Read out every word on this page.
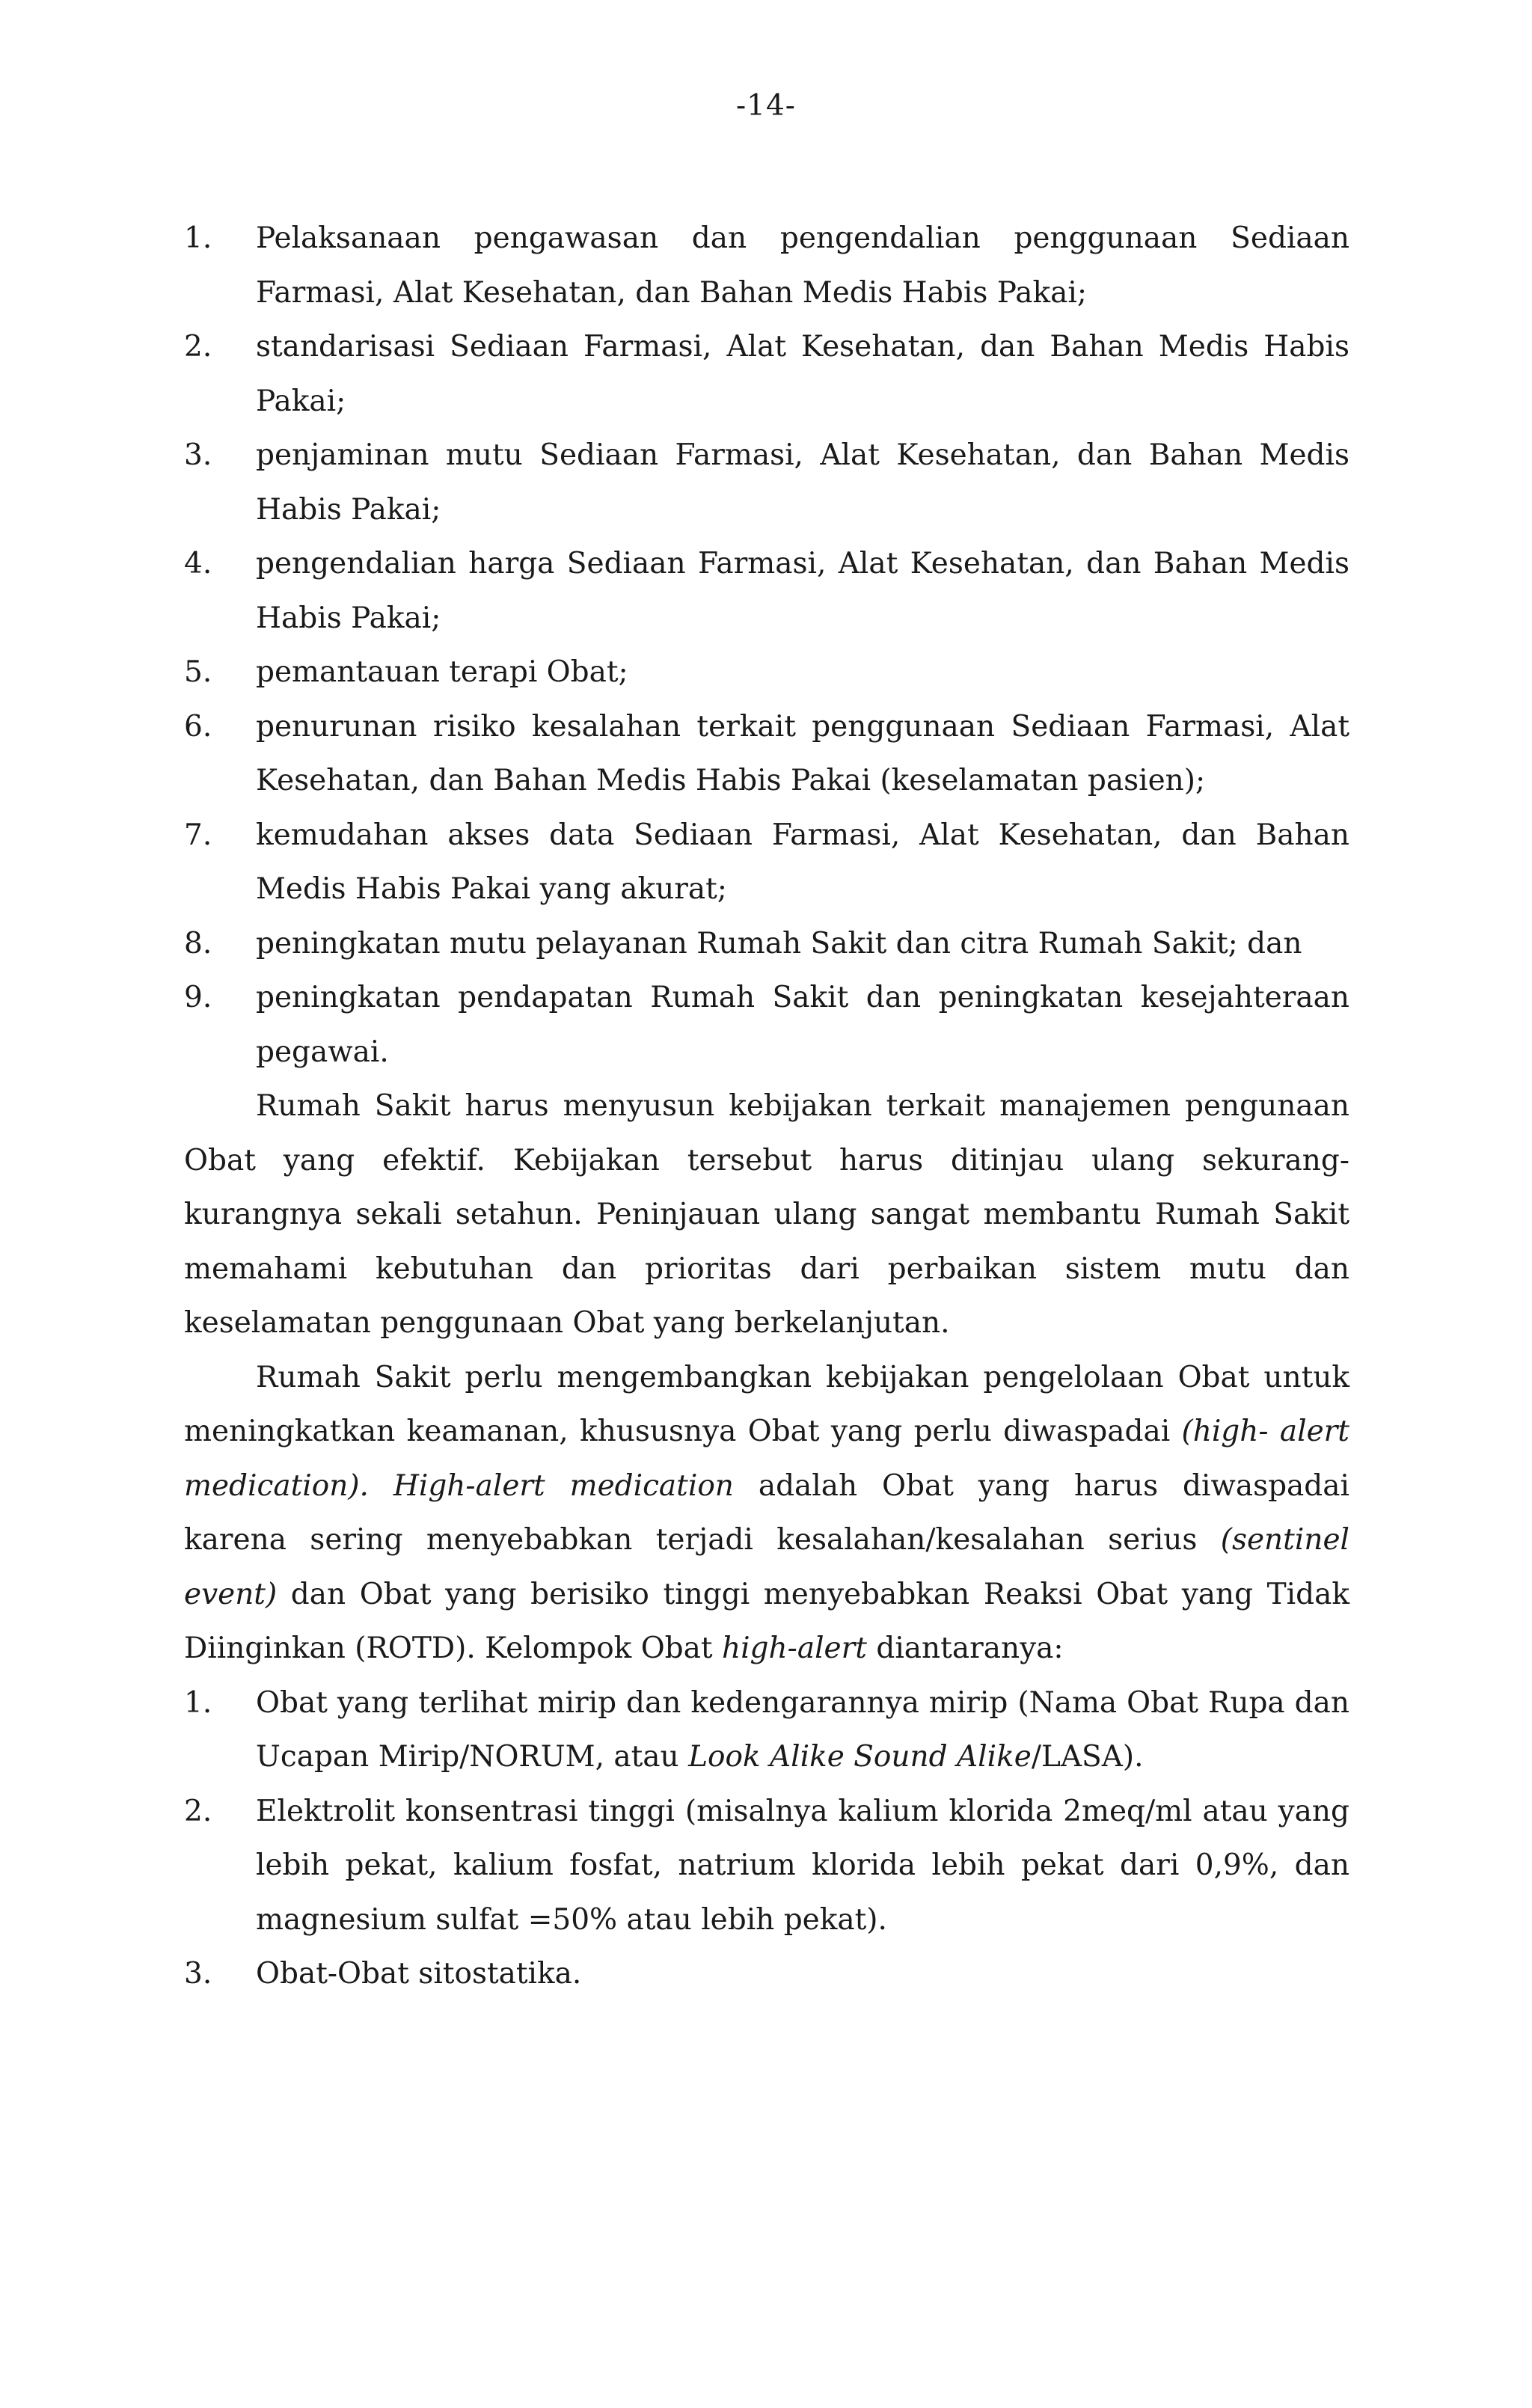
-14-
1. Pelaksanaan pengawasan dan pengendalian penggunaan Sediaan Farmasi, Alat Kesehatan, dan Bahan Medis Habis Pakai;
2. standarisasi Sediaan Farmasi, Alat Kesehatan, dan Bahan Medis Habis Pakai;
3. penjaminan mutu Sediaan Farmasi, Alat Kesehatan, dan Bahan Medis Habis Pakai;
4. pengendalian harga Sediaan Farmasi, Alat Kesehatan, dan Bahan Medis Habis Pakai;
5. pemantauan terapi Obat;
6. penurunan risiko kesalahan terkait penggunaan Sediaan Farmasi, Alat Kesehatan, dan Bahan Medis Habis Pakai (keselamatan pasien);
7. kemudahan akses data Sediaan Farmasi, Alat Kesehatan, dan Bahan Medis Habis Pakai yang akurat;
8. peningkatan mutu pelayanan Rumah Sakit dan citra Rumah Sakit; dan
9. peningkatan pendapatan Rumah Sakit dan peningkatan kesejahteraan pegawai.

Rumah Sakit harus menyusun kebijakan terkait manajemen pengunaan Obat yang efektif. Kebijakan tersebut harus ditinjau ulang sekurang- kurangnya sekali setahun. Peninjauan ulang sangat membantu Rumah Sakit memahami kebutuhan dan prioritas dari perbaikan sistem mutu dan keselamatan penggunaan Obat yang berkelanjutan.

Rumah Sakit perlu mengembangkan kebijakan pengelolaan Obat untuk meningkatkan keamanan, khususnya Obat yang perlu diwaspadai (high- alert medication). High-alert medication adalah Obat yang harus diwaspadai karena sering menyebabkan terjadi kesalahan/kesalahan serius (sentinel event) dan Obat yang berisiko tinggi menyebabkan Reaksi Obat yang Tidak Diinginkan (ROTD). Kelompok Obat high-alert diantaranya:

1. Obat yang terlihat mirip dan kedengarannya mirip (Nama Obat Rupa dan Ucapan Mirip/NORUM, atau Look Alike Sound Alike/LASA).
2. Elektrolit konsentrasi tinggi (misalnya kalium klorida 2meq/ml atau yang lebih pekat, kalium fosfat, natrium klorida lebih pekat dari 0,9%, dan magnesium sulfat =50% atau lebih pekat).
3. Obat-Obat sitostatika.
